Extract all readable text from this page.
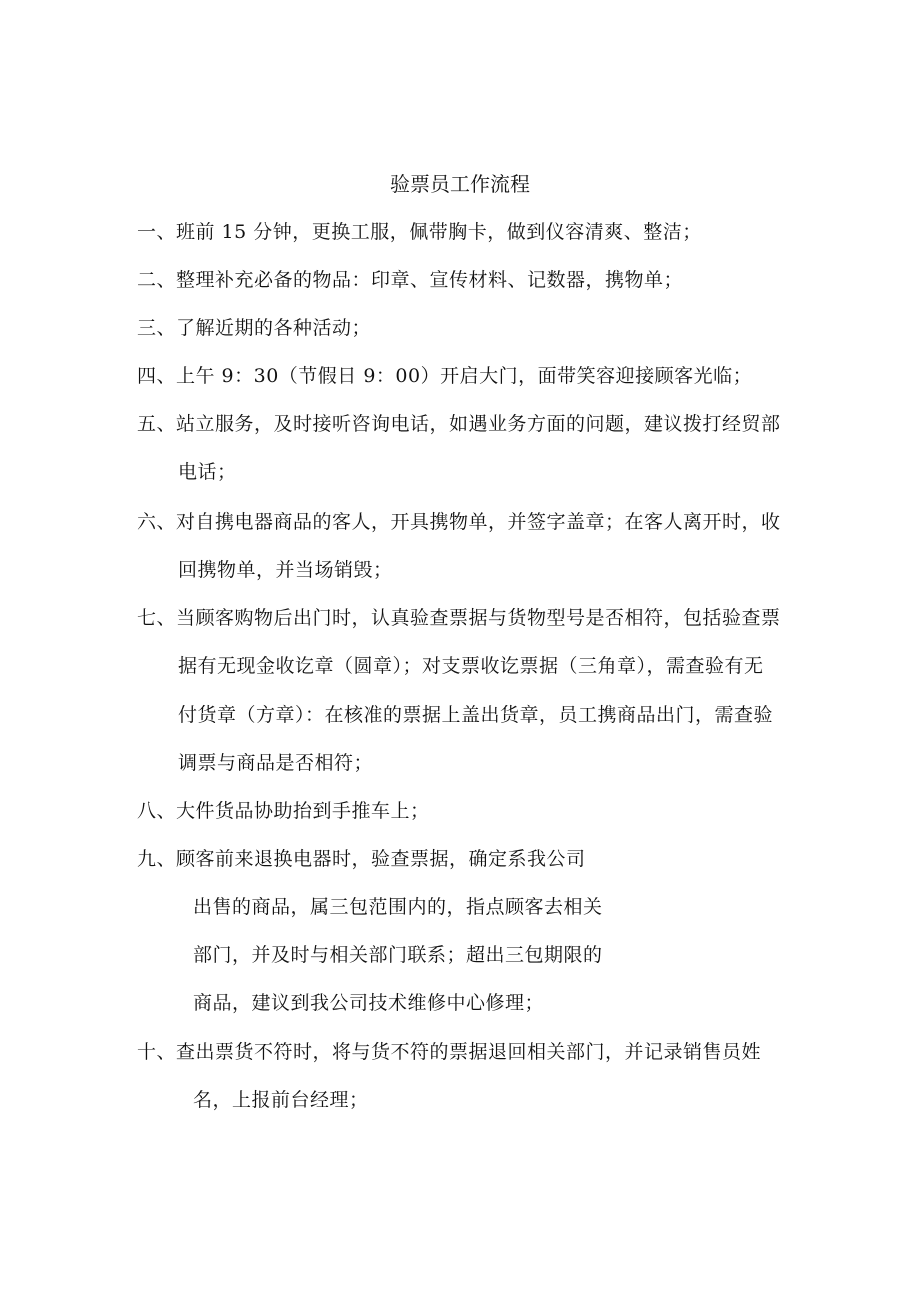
验票员工作流程
一、班前 15 分钟，更换工服，佩带胸卡，做到仪容清爽、整洁；
二、整理补充必备的物品：印章、宣传材料、记数器，携物单；
三、了解近期的各种活动；
四、上午 9：30（节假日 9：00）开启大门，面带笑容迎接顾客光临；
五、站立服务，及时接听咨询电话，如遇业务方面的问题，建议拨打经贸部
电话；
六、对自携电器商品的客人，开具携物单，并签字盖章；在客人离开时，收
回携物单，并当场销毁；
七、当顾客购物后出门时，认真验查票据与货物型号是否相符，包括验查票
据有无现金收讫章（圆章）；对支票收讫票据（三角章），需查验有无
付货章（方章）：在核准的票据上盖出货章，员工携商品出门，需查验
调票与商品是否相符；
八、大件货品协助抬到手推车上；
九、顾客前来退换电器时，验查票据，确定系我公司
出售的商品，属三包范围内的，指点顾客去相关
部门，并及时与相关部门联系；超出三包期限的
商品，建议到我公司技术维修中心修理；
十、查出票货不符时，将与货不符的票据退回相关部门，并记录销售员姓
名，上报前台经理；
